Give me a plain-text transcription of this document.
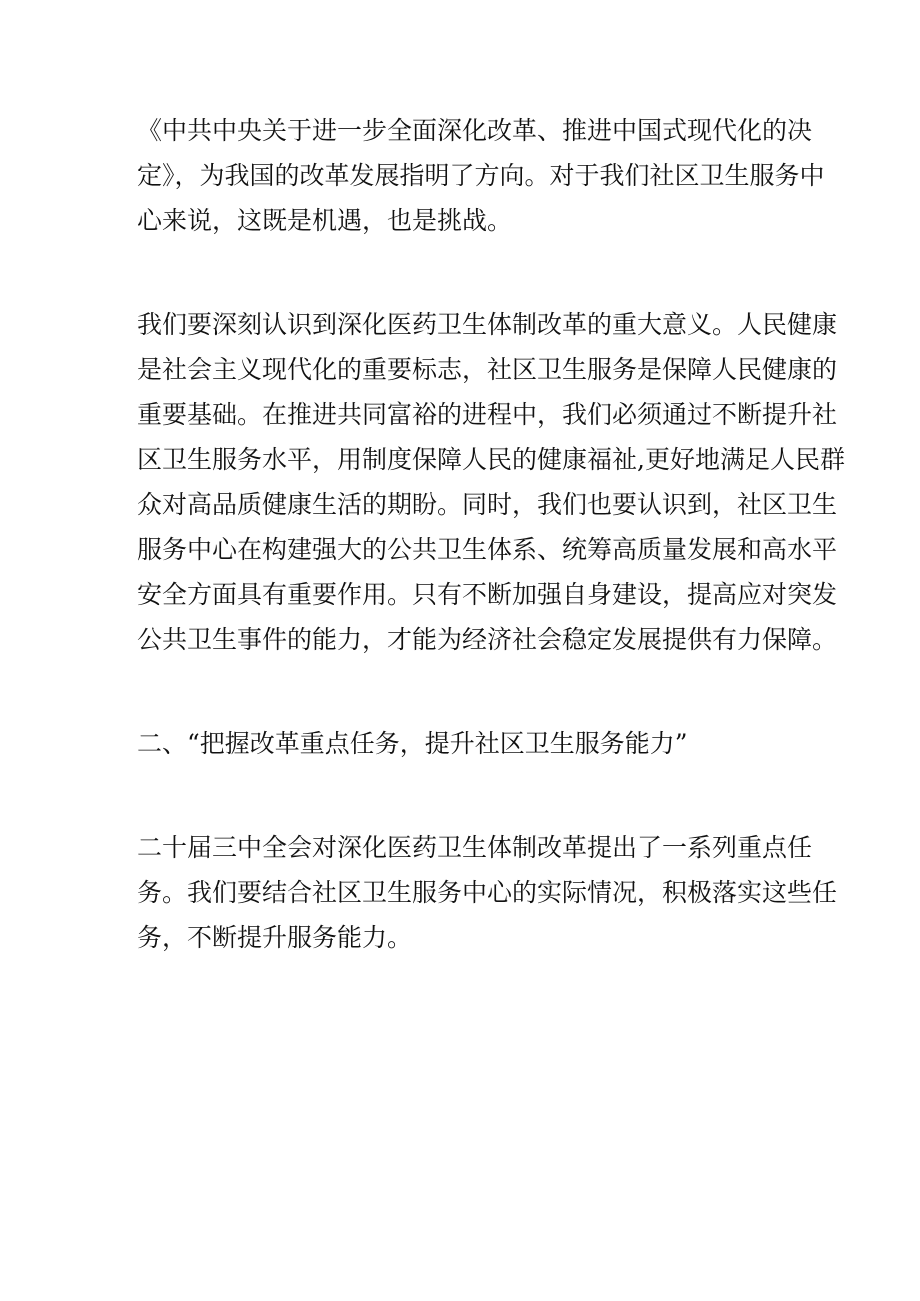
《中共中央关于进一步全面深化改革、推进中国式现代化的决
定》，为我国的改革发展指明了方向。对于我们社区卫生服务中
心来说，这既是机遇，也是挑战。
我们要深刻认识到深化医药卫生体制改革的重大意义。人民健康
是社会主义现代化的重要标志，社区卫生服务是保障人民健康的
重要基础。在推进共同富裕的进程中，我们必须通过不断提升社
区卫生服务水平，用制度保障人民的健康福祉,更好地满足人民群
众对高品质健康生活的期盼。同时，我们也要认识到，社区卫生
服务中心在构建强大的公共卫生体系、统筹高质量发展和高水平
安全方面具有重要作用。只有不断加强自身建设，提高应对突发
公共卫生事件的能力，才能为经济社会稳定发展提供有力保障。
二、“把握改革重点任务，提升社区卫生服务能力”
二十届三中全会对深化医药卫生体制改革提出了一系列重点任
务。我们要结合社区卫生服务中心的实际情况，积极落实这些任
务，不断提升服务能力。
